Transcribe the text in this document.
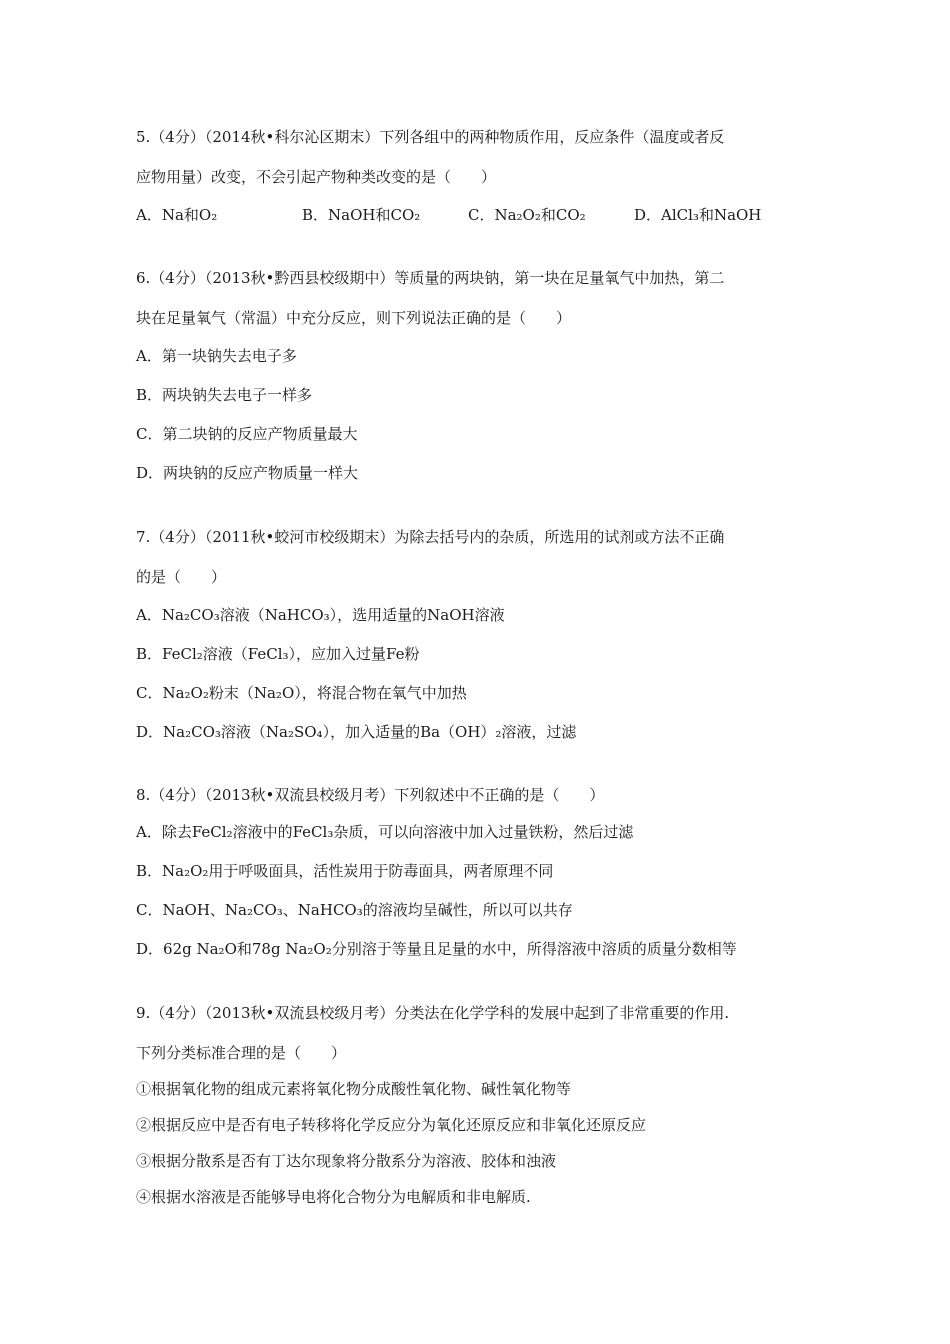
5.（4分）（2014秋•科尔沁区期末）下列各组中的两种物质作用，反应条件（温度或者反
应物用量）改变，不会引起产物种类改变的是（　　）
A．Na和O₂	B．NaOH和CO₂	C．Na₂O₂和CO₂	D．AlCl₃和NaOH
6.（4分）（2013秋•黔西县校级期中）等质量的两块钠，第一块在足量氧气中加热，第二
块在足量氧气（常温）中充分反应，则下列说法正确的是（　　）
A．第一块钠失去电子多
B．两块钠失去电子一样多
C．第二块钠的反应产物质量最大
D．两块钠的反应产物质量一样大
7.（4分）（2011秋•蛟河市校级期末）为除去括号内的杂质，所选用的试剂或方法不正确
的是（　　）
A．Na₂CO₃溶液（NaHCO₃），选用适量的NaOH溶液
B．FeCl₂溶液（FeCl₃），应加入过量Fe粉
C．Na₂O₂粉末（Na₂O），将混合物在氧气中加热
D．Na₂CO₃溶液（Na₂SO₄），加入适量的Ba（OH）₂溶液，过滤
8.（4分）（2013秋•双流县校级月考）下列叙述中不正确的是（　　）
A．除去FeCl₂溶液中的FeCl₃杂质，可以向溶液中加入过量铁粉，然后过滤
B．Na₂O₂用于呼吸面具，活性炭用于防毒面具，两者原理不同
C．NaOH、Na₂CO₃、NaHCO₃的溶液均呈碱性，所以可以共存
D．62g Na₂O和78g Na₂O₂分别溶于等量且足量的水中，所得溶液中溶质的质量分数相等
9.（4分）（2013秋•双流县校级月考）分类法在化学学科的发展中起到了非常重要的作用.
下列分类标准合理的是（　　）
①根据氧化物的组成元素将氧化物分成酸性氧化物、碱性氧化物等
②根据反应中是否有电子转移将化学反应分为氧化还原反应和非氧化还原反应
③根据分散系是否有丁达尔现象将分散系分为溶液、胶体和浊液
④根据水溶液是否能够导电将化合物分为电解质和非电解质.
